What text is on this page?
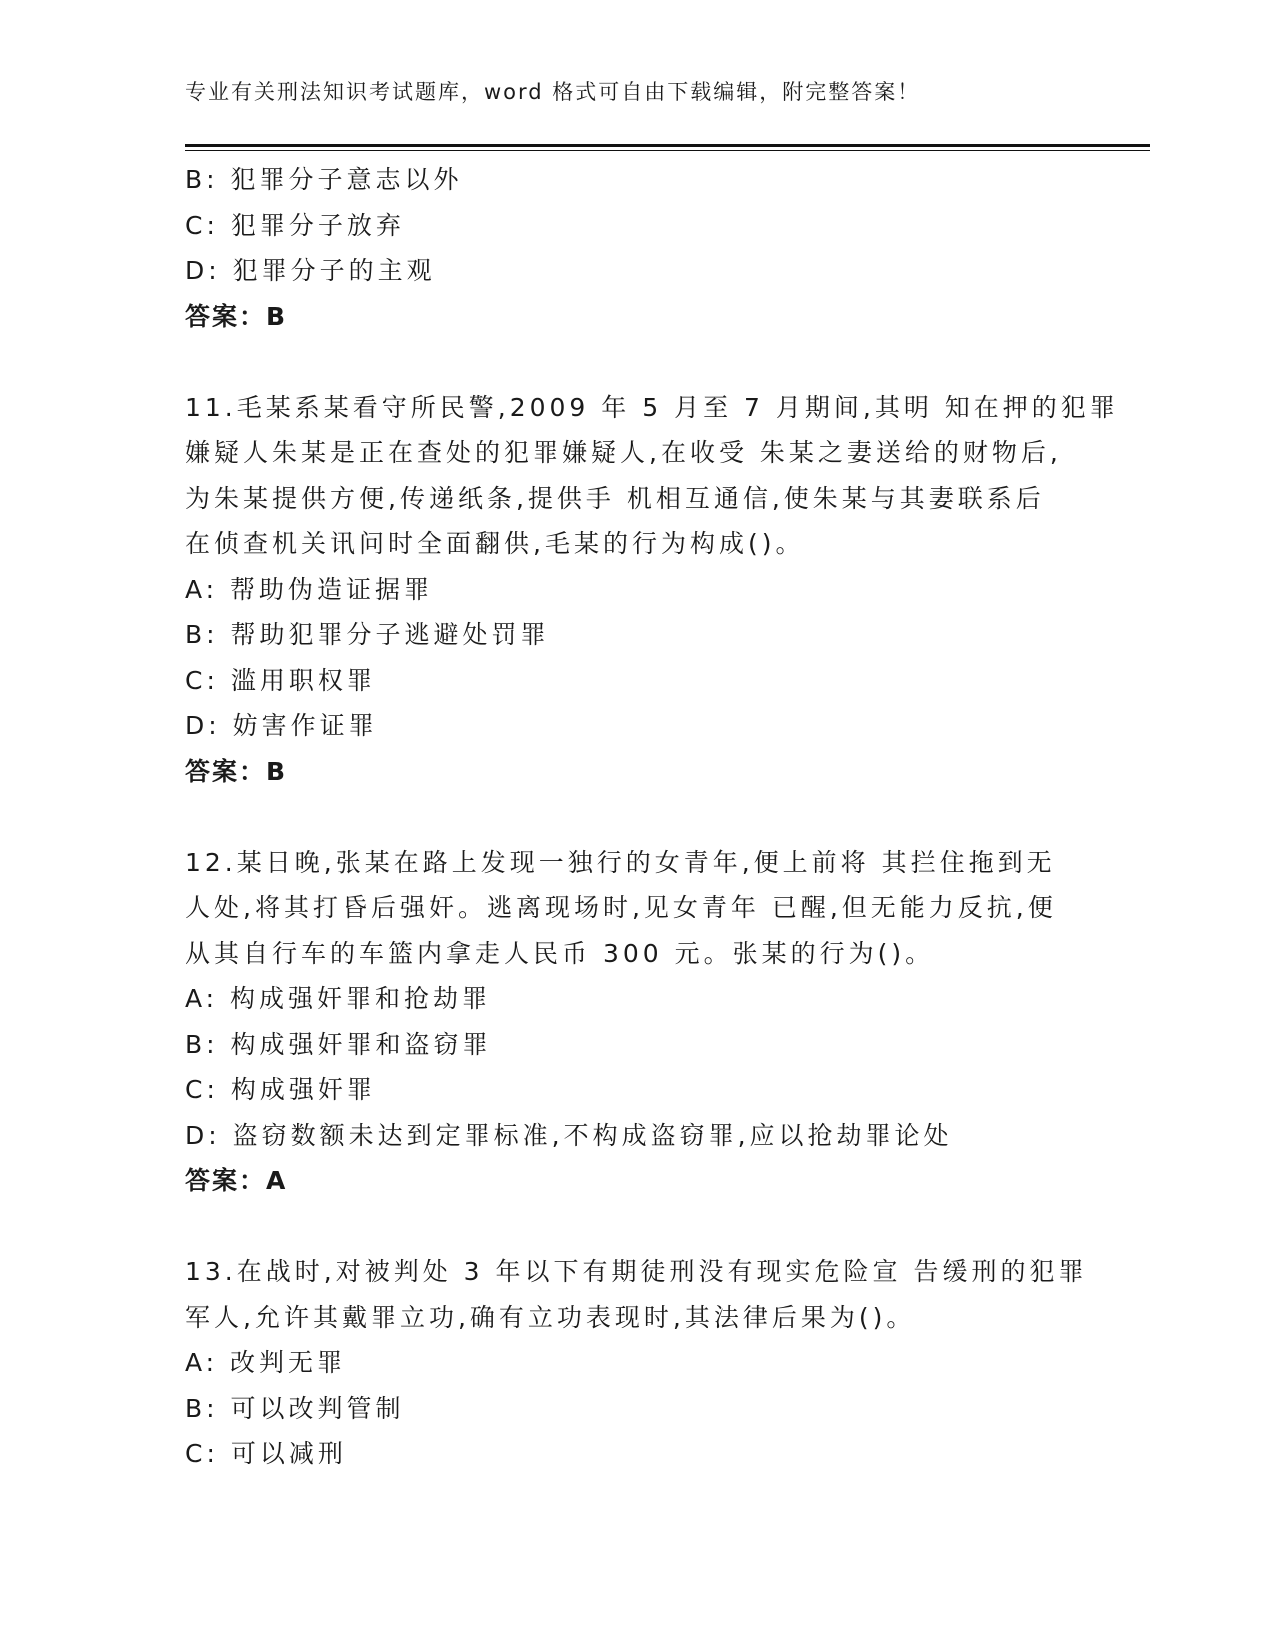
专业有关刑法知识考试题库，word 格式可自由下载编辑，附完整答案！
B: 犯罪分子意志以外
C: 犯罪分子放弃
D: 犯罪分子的主观
答案：B
11.毛某系某看守所民警,2009 年 5 月至 7 月期间,其明 知在押的犯罪
嫌疑人朱某是正在查处的犯罪嫌疑人,在收受 朱某之妻送给的财物后,
为朱某提供方便,传递纸条,提供手 机相互通信,使朱某与其妻联系后
在侦查机关讯问时全面翻供,毛某的行为构成()。
A: 帮助伪造证据罪
B: 帮助犯罪分子逃避处罚罪
C: 滥用职权罪
D: 妨害作证罪
答案：B
12.某日晚,张某在路上发现一独行的女青年,便上前将 其拦住拖到无
人处,将其打昏后强奸。逃离现场时,见女青年 已醒,但无能力反抗,便
从其自行车的车篮内拿走人民币 300 元。张某的行为()。
A: 构成强奸罪和抢劫罪
B: 构成强奸罪和盗窃罪
C: 构成强奸罪
D: 盗窃数额未达到定罪标准,不构成盗窃罪,应以抢劫罪论处
答案：A
13.在战时,对被判处 3 年以下有期徒刑没有现实危险宣 告缓刑的犯罪
军人,允许其戴罪立功,确有立功表现时,其法律后果为()。
A: 改判无罪
B: 可以改判管制
C: 可以减刑
